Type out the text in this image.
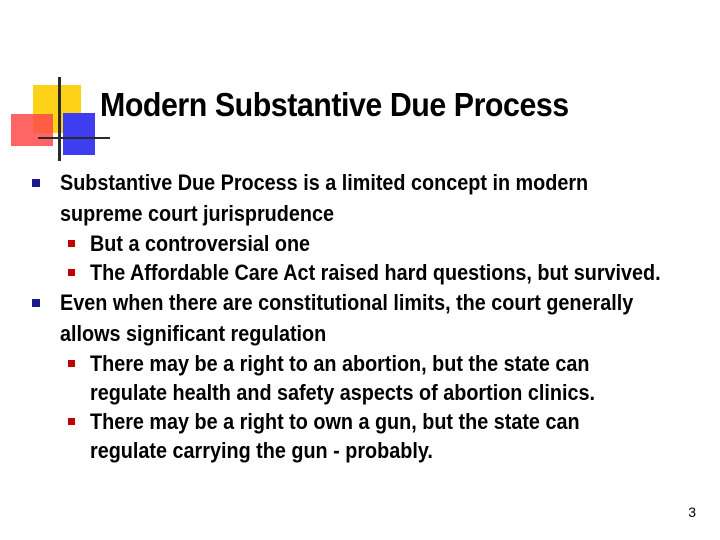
Modern Substantive Due Process
Substantive Due Process is a limited concept in modern
supreme court jurisprudence
But a controversial one
The Affordable Care Act raised hard questions, but survived.
Even when there are constitutional limits, the court generally
allows significant regulation
There may be a right to an abortion, but the state can
regulate health and safety aspects of abortion clinics.
There may be a right to own a gun, but the state can
regulate carrying the gun - probably.
3
